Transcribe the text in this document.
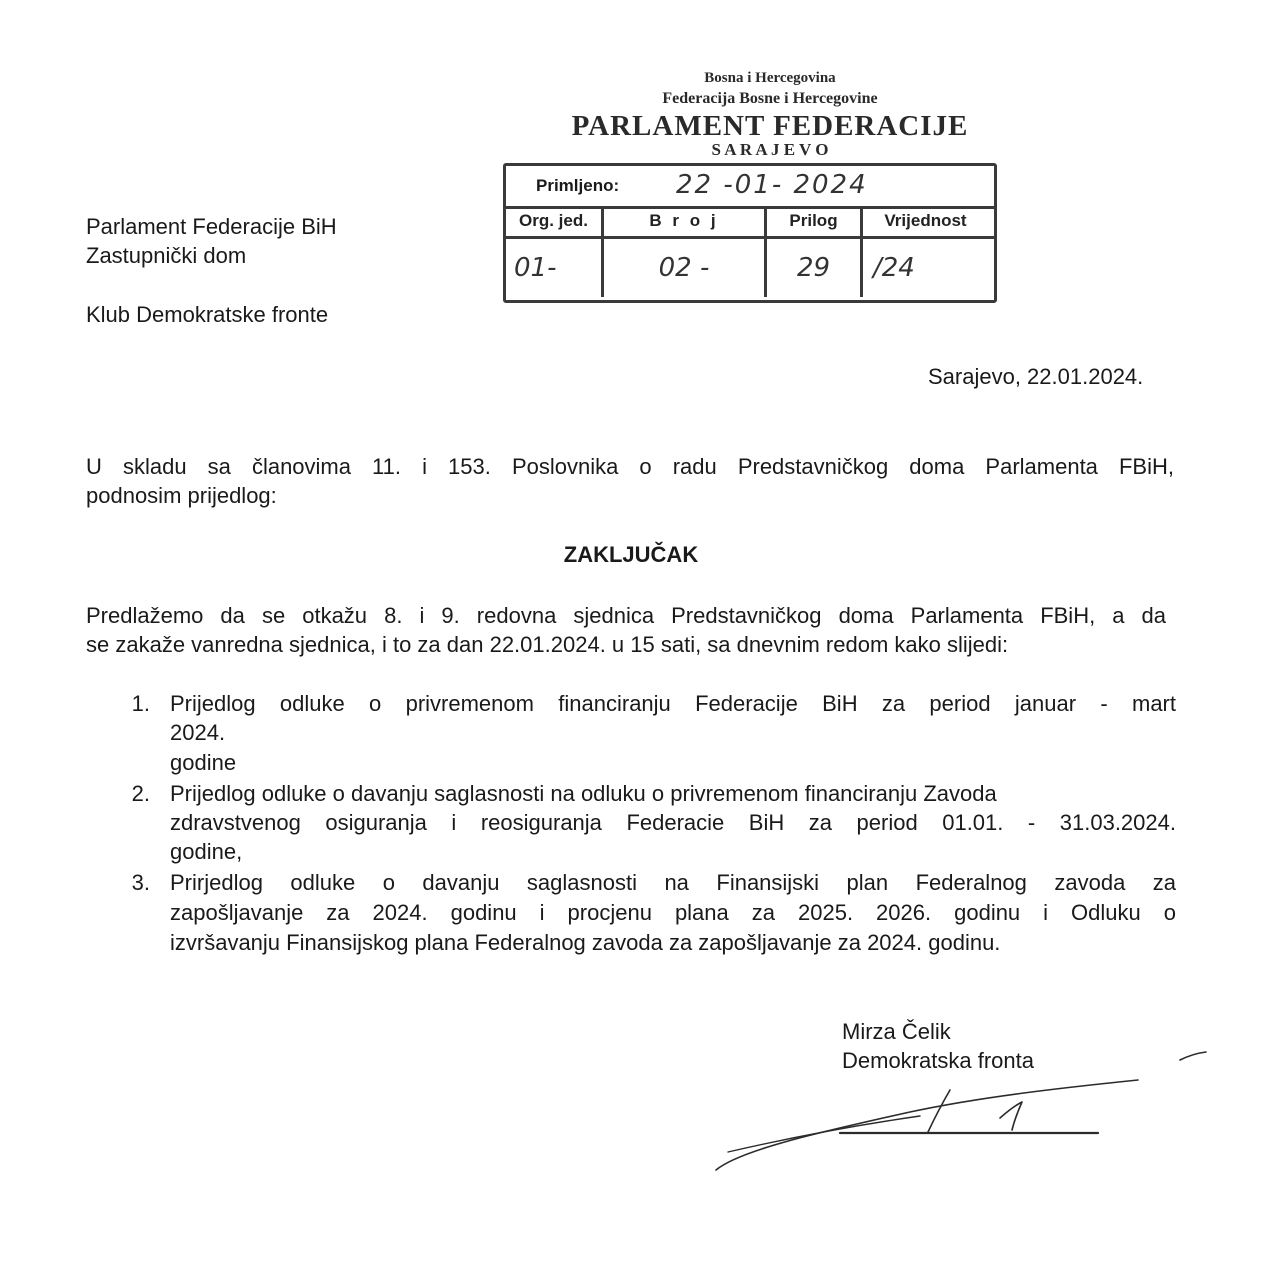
Bosna i Hercegovina
Federacija Bosne i Hercegovine
PARLAMENT FEDERACIJE
S A R A J E V O
Primljeno: 22 -01- 2024
Org. jed.	B r o j	Prilog	Vrijednost
01-	02 -	29	/24
Parlament Federacije BiH
Zastupnički dom
Klub Demokratske fronte
Sarajevo, 22.01.2024.
U skladu sa članovima 11. i 153. Poslovnika o radu Predstavničkog doma Parlamenta FBiH,
podnosim prijedlog:
ZAKLJUČAK
Predlažemo da se otkažu 8. i 9. redovna sjednica Predstavničkog doma Parlamenta FBiH, a da
se zakaže vanredna sjednica, i to za dan 22.01.2024. u 15 sati, sa dnevnim redom kako slijedi:
1. Prijedlog odluke o privremenom financiranju Federacije BiH za period januar - mart
2024.
godine
2. Prijedlog odluke o davanju saglasnosti na odluku o privremenom financiranju Zavoda
zdravstvenog osiguranja i reosiguranja Federacie BiH za period 01.01. - 31.03.2024.
godine,
3. Prirjedlog odluke o davanju saglasnosti na Finansijski plan Federalnog zavoda za
zapošljavanje za 2024. godinu i procjenu plana za 2025. 2026. godinu i Odluku o
izvršavanju Finansijskog plana Federalnog zavoda za zapošljavanje za 2024. godinu.
Mirza Čelik
Demokratska fronta
